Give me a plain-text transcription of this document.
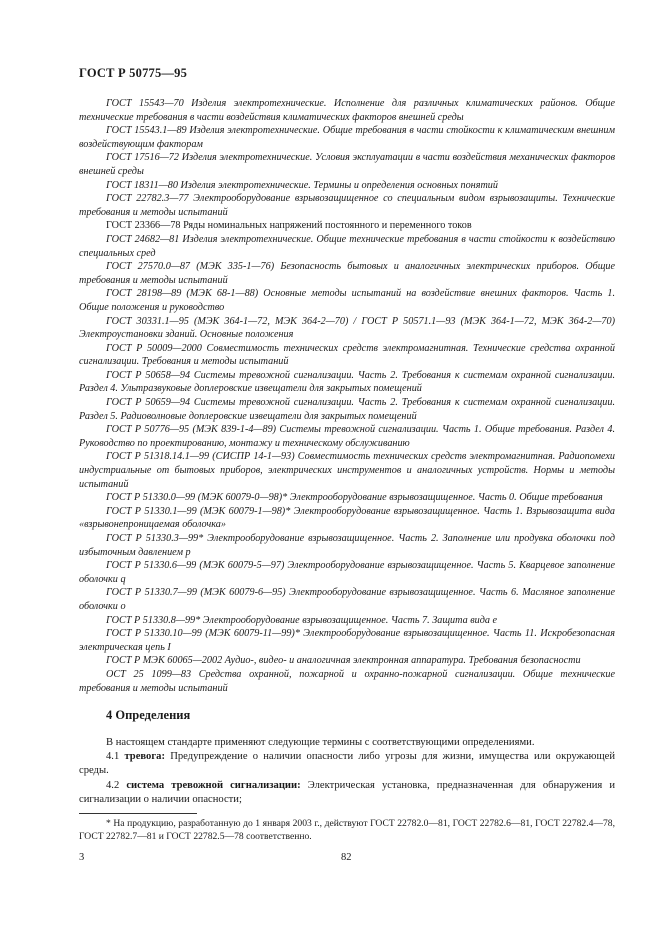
ГОСТ Р 50775—95

ГОСТ 15543—70 Изделия электротехнические. Исполнение для различных климатических районов. Общие технические требования в части воздействия климатических факторов внешней среды

ГОСТ 15543.1—89 Изделия электротехнические. Общие требования в части стойкости к климатическим внешним воздействующим факторам

ГОСТ 17516—72 Изделия электротехнические. Условия эксплуатации в части воздействия механических факторов внешней среды

ГОСТ 18311—80 Изделия электротехнические. Термины и определения основных понятий

ГОСТ 22782.3—77 Электрооборудование взрывозащищенное со специальным видом взрывозащиты. Технические требования и методы испытаний

ГОСТ 23366—78 Ряды номинальных напряжений постоянного и переменного токов

ГОСТ 24682—81 Изделия электротехнические. Общие технические требования в части стойкости к воздействию специальных сред

ГОСТ 27570.0—87 (МЭК 335-1—76) Безопасность бытовых и аналогичных электрических приборов. Общие требования и методы испытаний

ГОСТ 28198—89 (МЭК 68-1—88) Основные методы испытаний на воздействие внешних факторов. Часть 1. Общие положения и руководство

ГОСТ 30331.1—95 (МЭК 364-1—72, МЭК 364-2—70) / ГОСТ Р 50571.1—93 (МЭК 364-1—72, МЭК 364-2—70) Электроустановки зданий. Основные положения

ГОСТ Р 50009—2000 Совместимость технических средств электромагнитная. Технические средства охранной сигнализации. Требования и методы испытаний

ГОСТ Р 50658—94 Системы тревожной сигнализации. Часть 2. Требования к системам охранной сигнализации. Раздел 4. Ультразвуковые доплеровские извещатели для закрытых помещений

ГОСТ Р 50659—94 Системы тревожной сигнализации. Часть 2. Требования к системам охранной сигнализации. Раздел 5. Радиоволновые доплеровские извещатели для закрытых помещений

ГОСТ Р 50776—95 (МЭК 839-1-4—89) Системы тревожной сигнализации. Часть 1. Общие требования. Раздел 4. Руководство по проектированию, монтажу и техническому обслуживанию

ГОСТ Р 51318.14.1—99 (СИСПР 14-1—93) Совместимость технических средств электромагнитная. Радиопомехи индустриальные от бытовых приборов, электрических инструментов и аналогичных устройств. Нормы и методы испытаний

ГОСТ Р 51330.0—99 (МЭК 60079-0—98)* Электрооборудование взрывозащищенное. Часть 0. Общие требования

ГОСТ Р 51330.1—99 (МЭК 60079-1—98)* Электрооборудование взрывозащищенное. Часть 1. Взрывозащита вида «взрывонепроницаемая оболочка»

ГОСТ Р 51330.3—99* Электрооборудование взрывозащищенное. Часть 2. Заполнение или продувка оболочки под избыточным давлением p

ГОСТ Р 51330.6—99 (МЭК 60079-5—97) Электрооборудование взрывозащищенное. Часть 5. Кварцевое заполнение оболочки q

ГОСТ Р 51330.7—99 (МЭК 60079-6—95) Электрооборудование взрывозащищенное. Часть 6. Масляное заполнение оболочки o

ГОСТ Р 51330.8—99* Электрооборудование взрывозащищенное. Часть 7. Защита вида e

ГОСТ Р 51330.10—99 (МЭК 60079-11—99)* Электрооборудование взрывозащищенное. Часть 11. Искробезопасная электрическая цепь I

ГОСТ Р МЭК 60065—2002 Аудио-, видео- и аналогичная электронная аппаратура. Требования безопасности

ОСТ 25 1099—83 Средства охранной, пожарной и охранно-пожарной сигнализации. Общие технические требования и методы испытаний

4 Определения

В настоящем стандарте применяют следующие термины с соответствующими определениями.

4.1 тревога: Предупреждение о наличии опасности либо угрозы для жизни, имущества или окружающей среды.

4.2 система тревожной сигнализации: Электрическая установка, предназначенная для обнаружения и сигнализации о наличии опасности;

* На продукцию, разработанную до 1 января 2003 г., действуют ГОСТ 22782.0—81, ГОСТ 22782.6—81, ГОСТ 22782.4—78, ГОСТ 22782.7—81 и ГОСТ 22782.5—78 соответственно.

3	82
